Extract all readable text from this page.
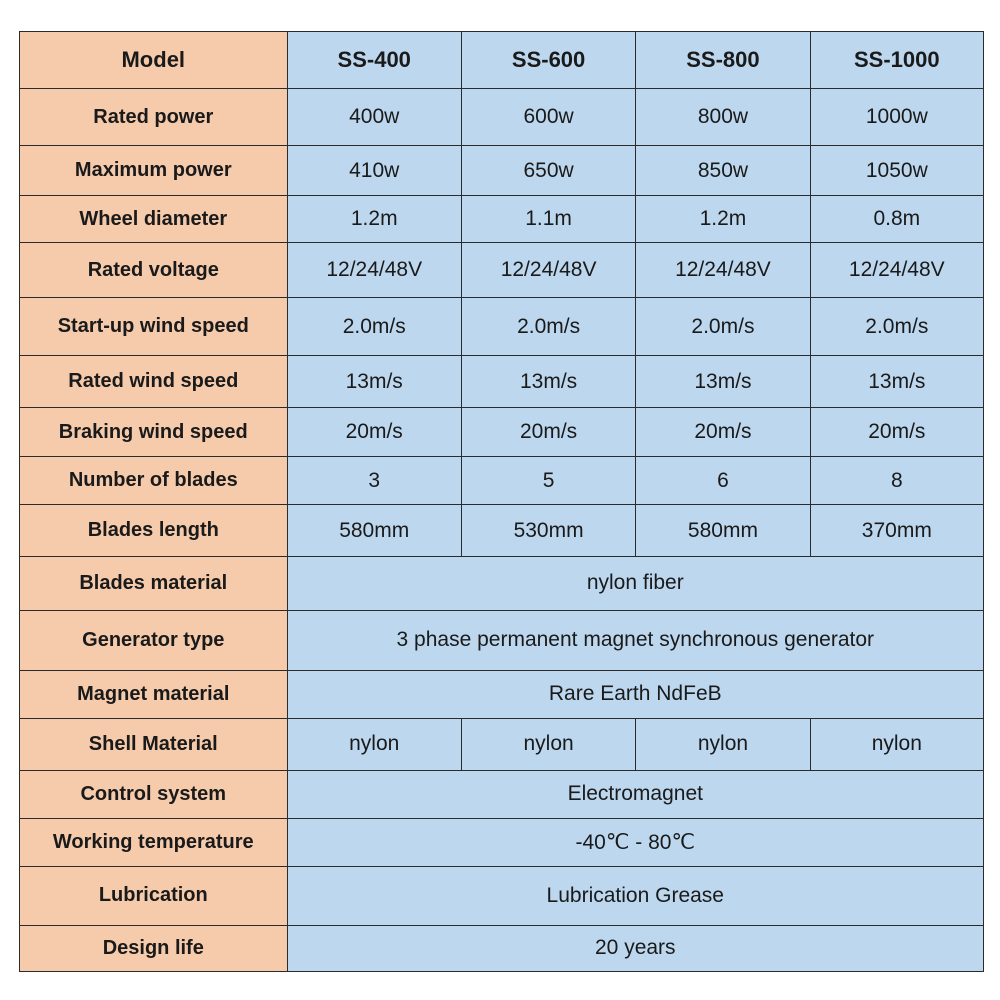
Model	SS-400	SS-600	SS-800	SS-1000
Rated power	400w	600w	800w	1000w
Maximum power	410w	650w	850w	1050w
Wheel diameter	1.2m	1.1m	1.2m	0.8m
Rated voltage	12/24/48V	12/24/48V	12/24/48V	12/24/48V
Start-up wind speed	2.0m/s	2.0m/s	2.0m/s	2.0m/s
Rated wind speed	13m/s	13m/s	13m/s	13m/s
Braking wind speed	20m/s	20m/s	20m/s	20m/s
Number of blades	3	5	6	8
Blades length	580mm	530mm	580mm	370mm
Blades material	nylon fiber			
Generator type	3 phase permanent magnet synchronous generator			
Magnet material	Rare Earth NdFeB			
Shell Material	nylon	nylon	nylon	nylon
Control system	Electromagnet			
Working temperature	-40℃ - 80℃			
Lubrication	Lubrication Grease			
Design life	20 years			
